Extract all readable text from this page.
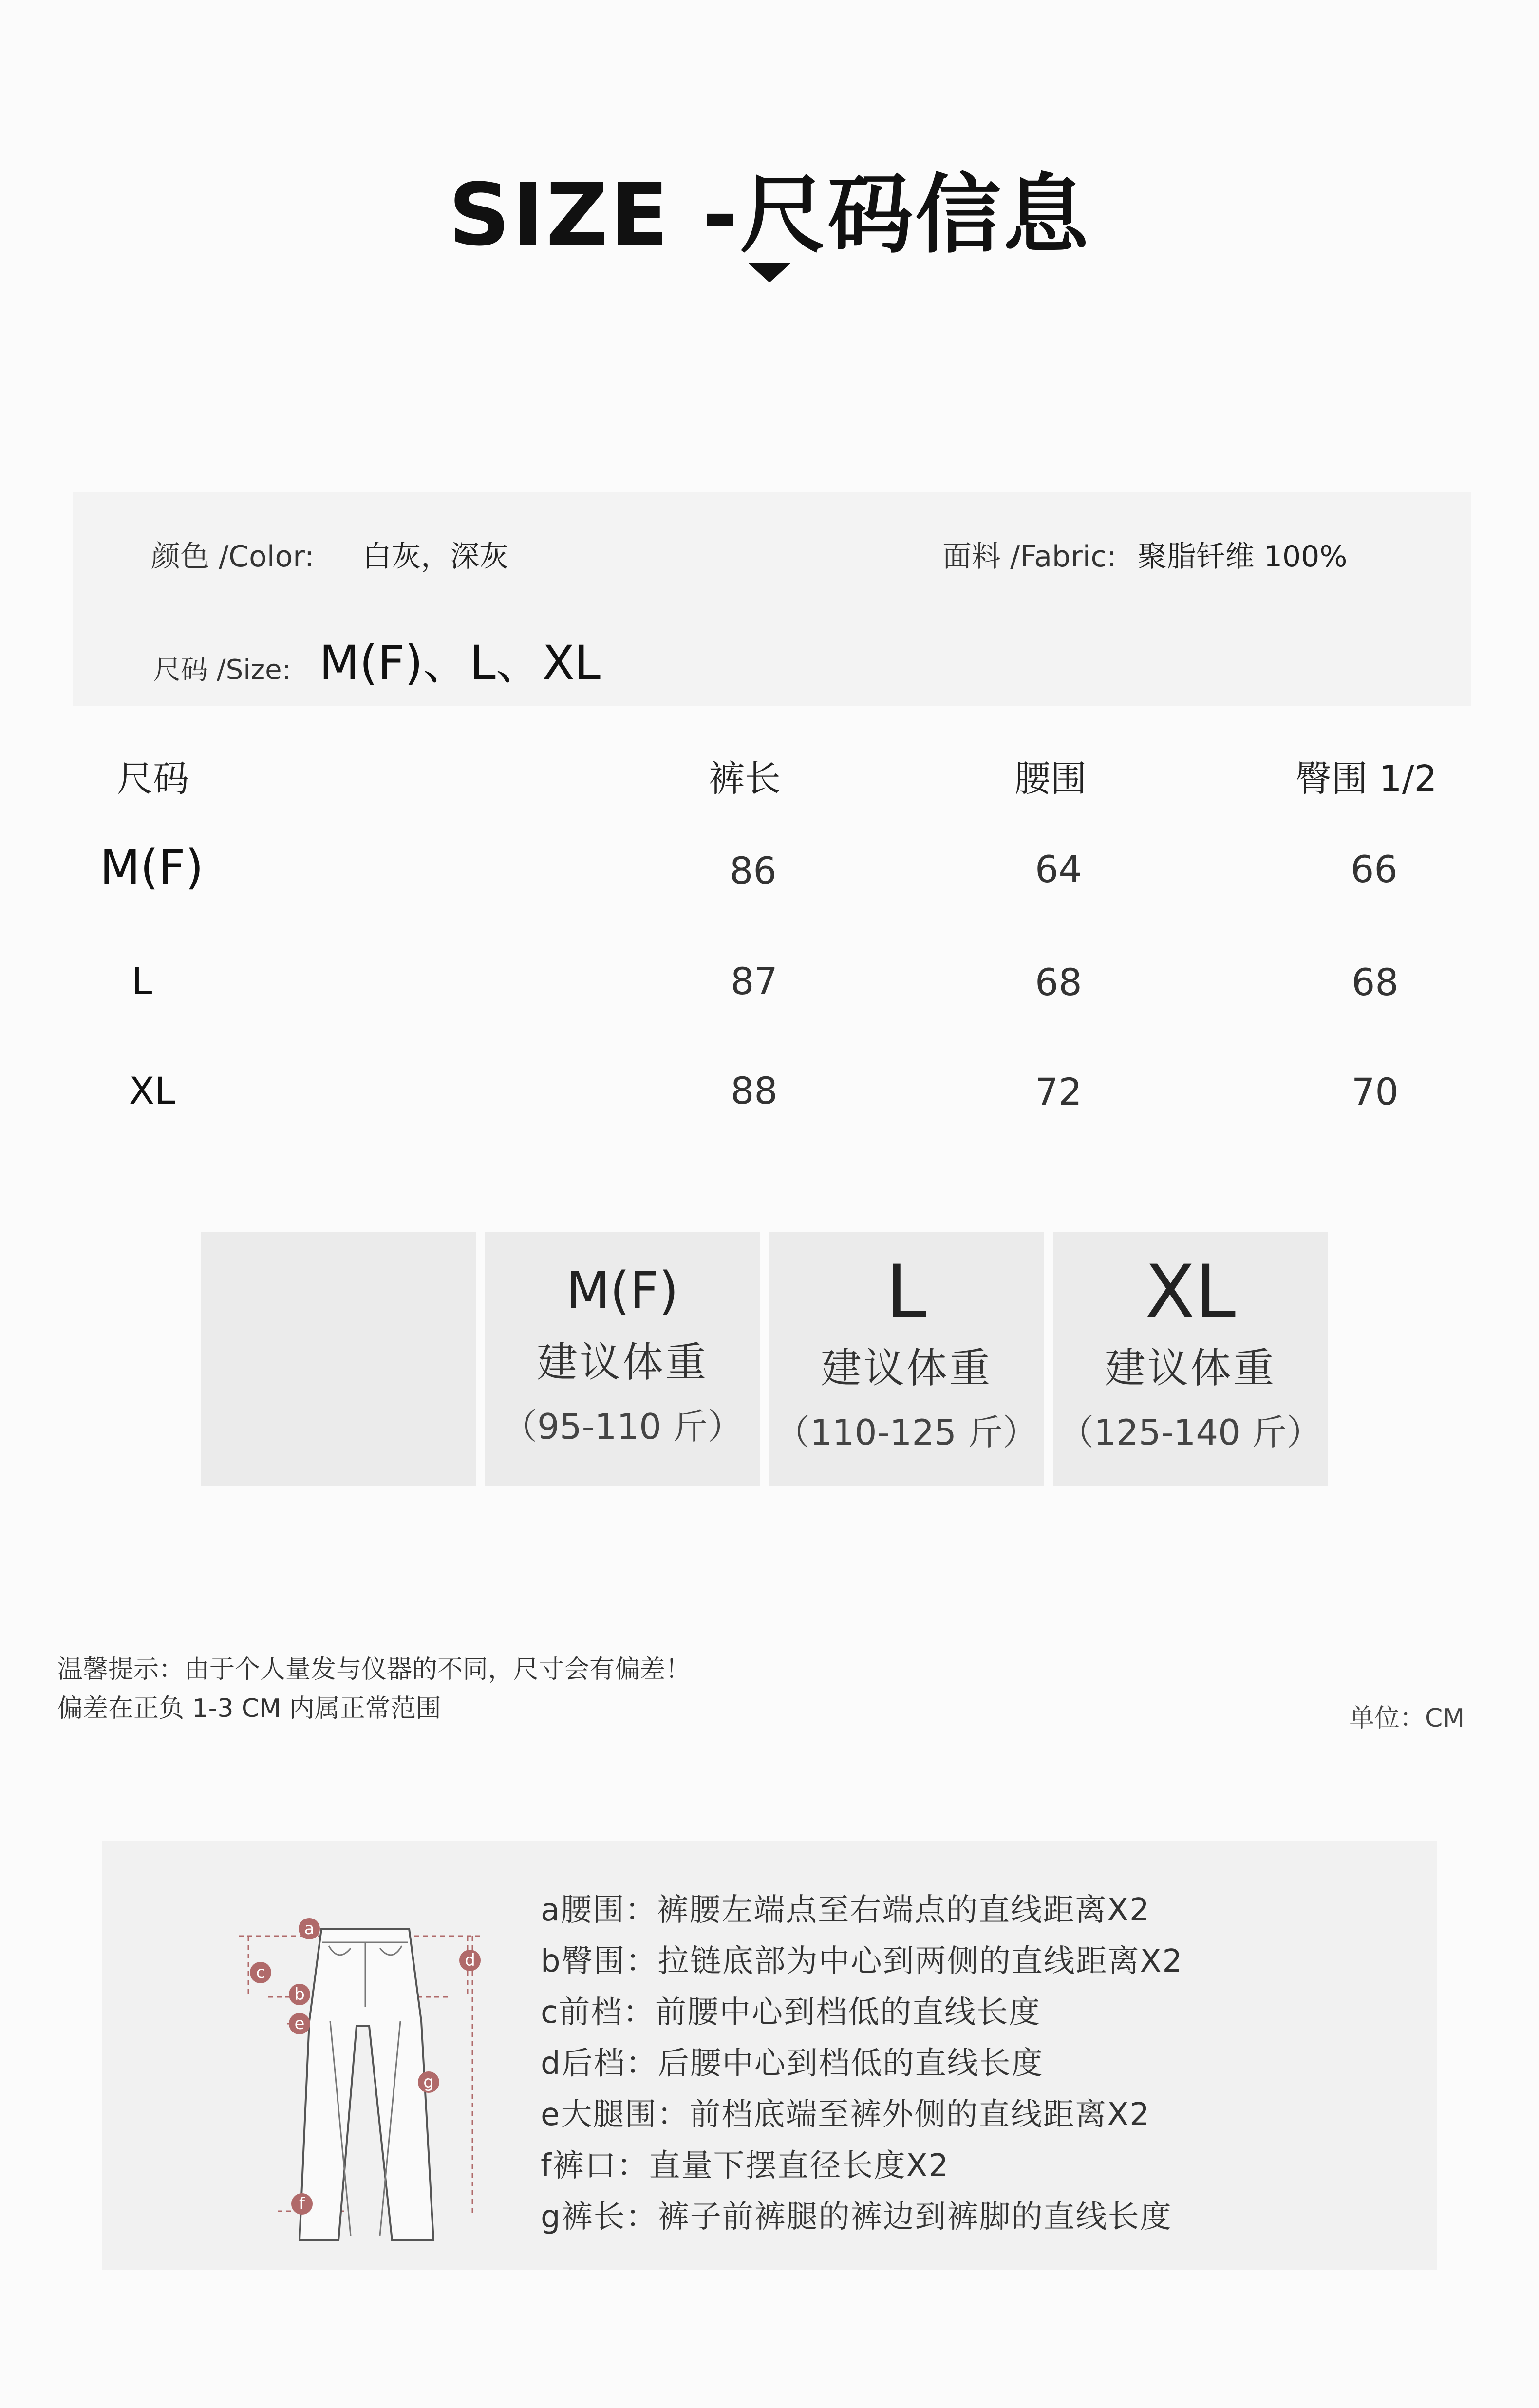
SIZE -尺码信息
颜色 /Color: 白灰，深灰	面料 /Fabric: 聚脂钎维 100%
尺码 /Size: M(F)、L、XL
尺码	裤长	腰围	臀围 1/2
M(F)	86	64	66
L	87	68	68
XL	88	72	70
M(F)
建议体重
（95-110 斤）
L
建议体重
（110-125 斤）
XL
建议体重
（125-140 斤）
温馨提示：由于个人量发与仪器的不同，尺寸会有偏差！
偏差在正负 1-3 CM 内属正常范围	单位：CM
a
b
c
d
e
f
g
a腰围：裤腰左端点至右端点的直线距离X2
b臀围：拉链底部为中心到两侧的直线距离X2
c前档：前腰中心到档低的直线长度
d后档：后腰中心到档低的直线长度
e大腿围：前档底端至裤外侧的直线距离X2
f裤口：直量下摆直径长度X2
g裤长：裤子前裤腿的裤边到裤脚的直线长度
